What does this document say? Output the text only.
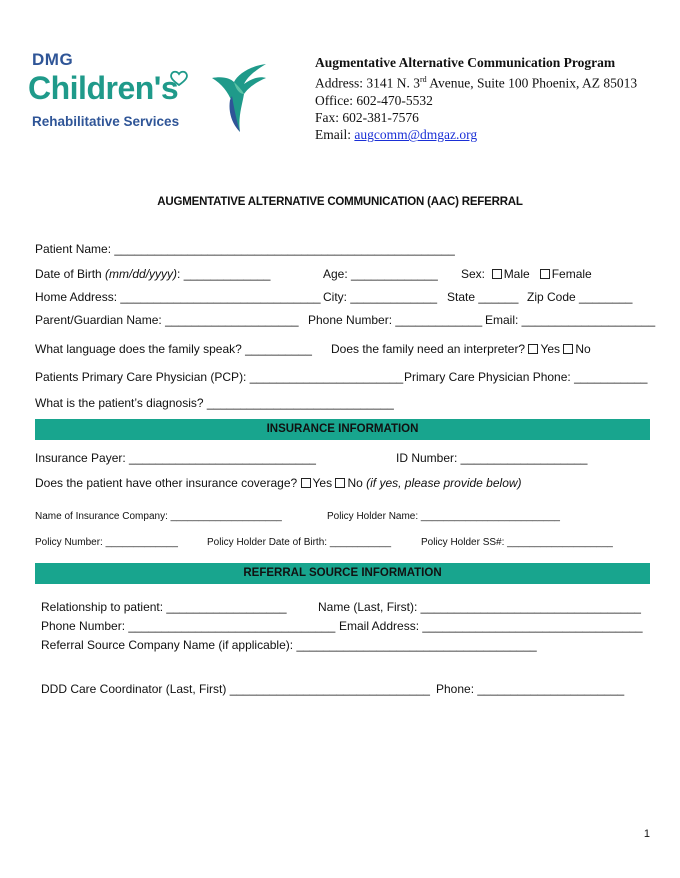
DMG
Children's
Rehabilitative Services
Augmentative Alternative Communication Program
Address: 3141 N. 3rd Avenue, Suite 100 Phoenix, AZ 85013
Office: 602-470-5532
Fax: 602-381-7576
Email: augcomm@dmgaz.org
AUGMENTATIVE ALTERNATIVE COMMUNICATION (AAC) REFERRAL
Patient Name: ___________________________________________________
Date of Birth (mm/dd/yyyy): _____________	Age: _____________ Sex: Male Female
Home Address: ______________________________ City: _____________ State ______ Zip Code ________
Parent/Guardian Name: ____________________ Phone Number: _____________ Email: ____________________
What language does the family speak? __________ Does the family need an interpreter? Yes No
Patients Primary Care Physician (PCP): _______________________ Primary Care Physician Phone: ___________
What is the patient’s diagnosis? ____________________________
INSURANCE INFORMATION
Insurance Payer: ____________________________	ID Number: ___________________
Does the patient have other insurance coverage? Yes No (if yes, please provide below)
Name of Insurance Company: ____________________	Policy Holder Name: _________________________
Policy Number: _____________	Policy Holder Date of Birth: ___________	Policy Holder SS#: ___________________
REFERRAL SOURCE INFORMATION
Relationship to patient: __________________	Name (Last, First): _________________________________
Phone Number: _______________________________ Email Address: _________________________________
Referral Source Company Name (if applicable): ____________________________________
DDD Care Coordinator (Last, First) ______________________________ Phone: ______________________
1
